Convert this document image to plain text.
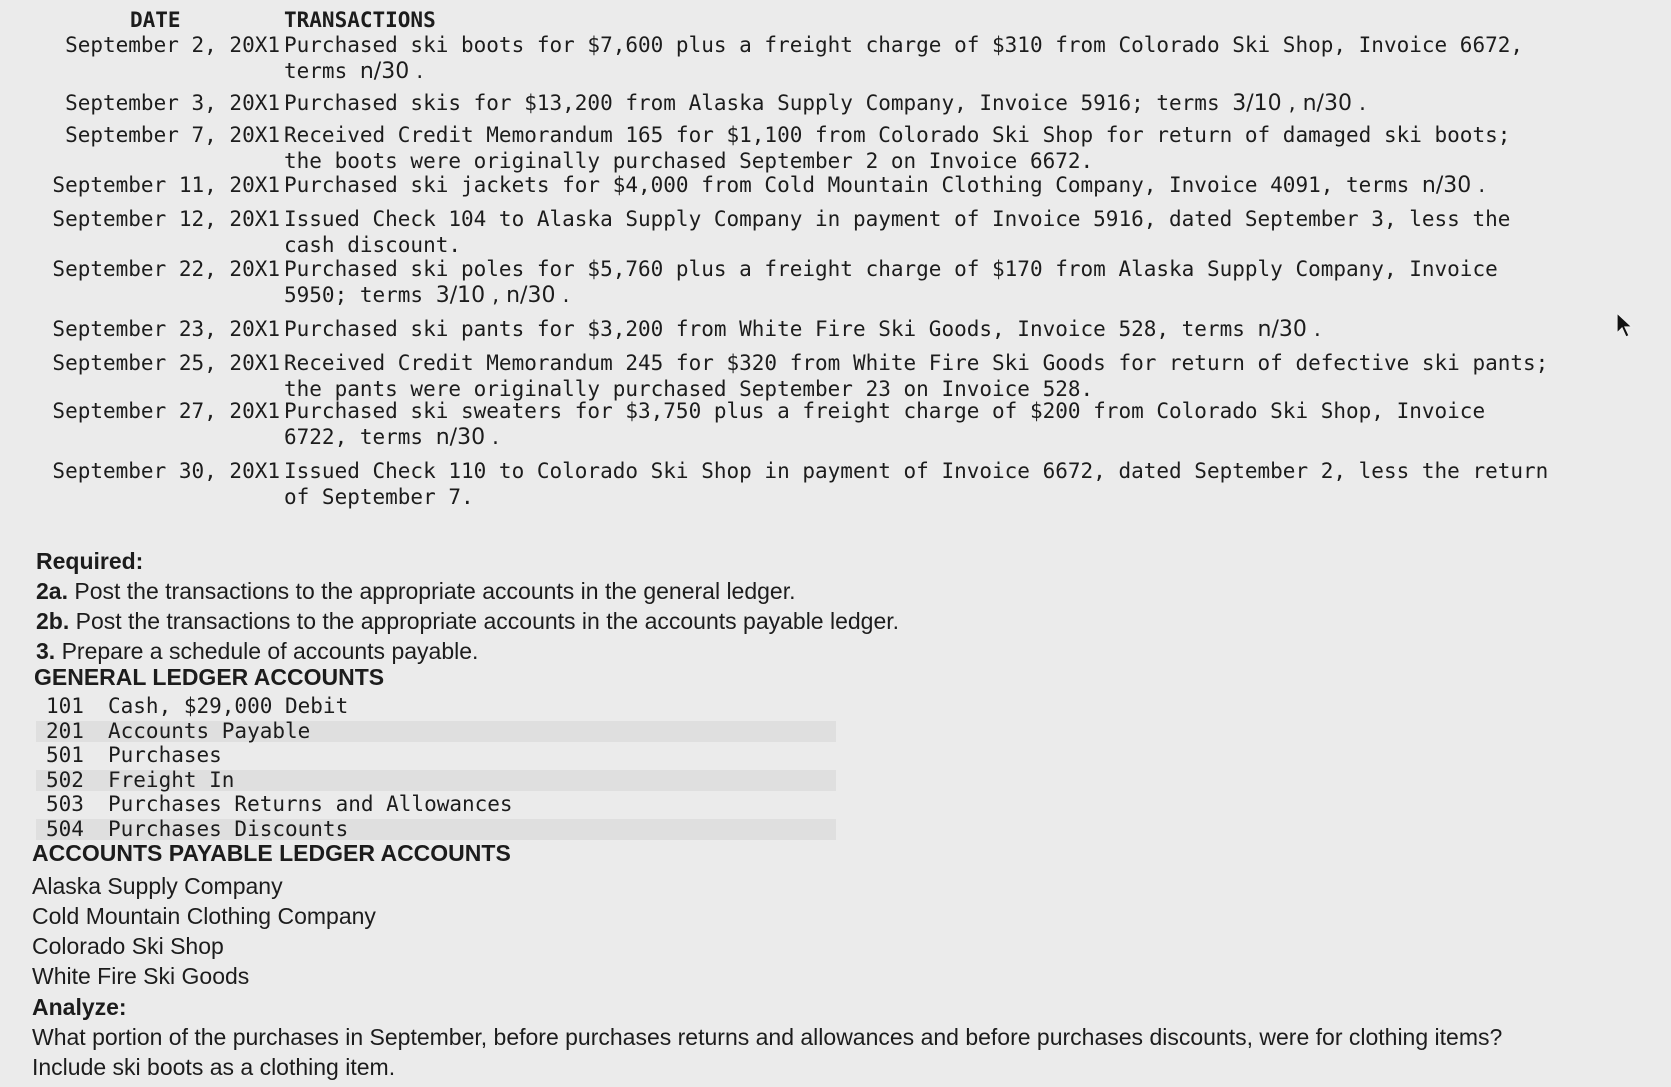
DATE	TRANSACTIONS
September 2, 20X1 Purchased ski boots for $7,600 plus a freight charge of $310 from Colorado Ski Shop, Invoice 6672,
terms n/30 .
September 3, 20X1 Purchased skis for $13,200 from Alaska Supply Company, Invoice 5916; terms 3/10 , n/30 .
September 7, 20X1 Received Credit Memorandum 165 for $1,100 from Colorado Ski Shop for return of damaged ski boots;
the boots were originally purchased September 2 on Invoice 6672.
September 11, 20X1 Purchased ski jackets for $4,000 from Cold Mountain Clothing Company, Invoice 4091, terms n/30 .
September 12, 20X1 Issued Check 104 to Alaska Supply Company in payment of Invoice 5916, dated September 3, less the
cash discount.
September 22, 20X1 Purchased ski poles for $5,760 plus a freight charge of $170 from Alaska Supply Company, Invoice
5950; terms 3/10 , n/30 .
September 23, 20X1 Purchased ski pants for $3,200 from White Fire Ski Goods, Invoice 528, terms n/30 .
September 25, 20X1 Received Credit Memorandum 245 for $320 from White Fire Ski Goods for return of defective ski pants;
the pants were originally purchased September 23 on Invoice 528.
September 27, 20X1 Purchased ski sweaters for $3,750 plus a freight charge of $200 from Colorado Ski Shop, Invoice
6722, terms n/30 .
September 30, 20X1 Issued Check 110 to Colorado Ski Shop in payment of Invoice 6672, dated September 2, less the return
of September 7.
Required:
2a. Post the transactions to the appropriate accounts in the general ledger.
2b. Post the transactions to the appropriate accounts in the accounts payable ledger.
3. Prepare a schedule of accounts payable.
GENERAL LEDGER ACCOUNTS
101 Cash, $29,000 Debit
201 Accounts Payable
501 Purchases
502 Freight In
503 Purchases Returns and Allowances
504 Purchases Discounts
ACCOUNTS PAYABLE LEDGER ACCOUNTS
Alaska Supply Company
Cold Mountain Clothing Company
Colorado Ski Shop
White Fire Ski Goods
Analyze:
What portion of the purchases in September, before purchases returns and allowances and before purchases discounts, were for clothing items? Include ski boots as a clothing item.
